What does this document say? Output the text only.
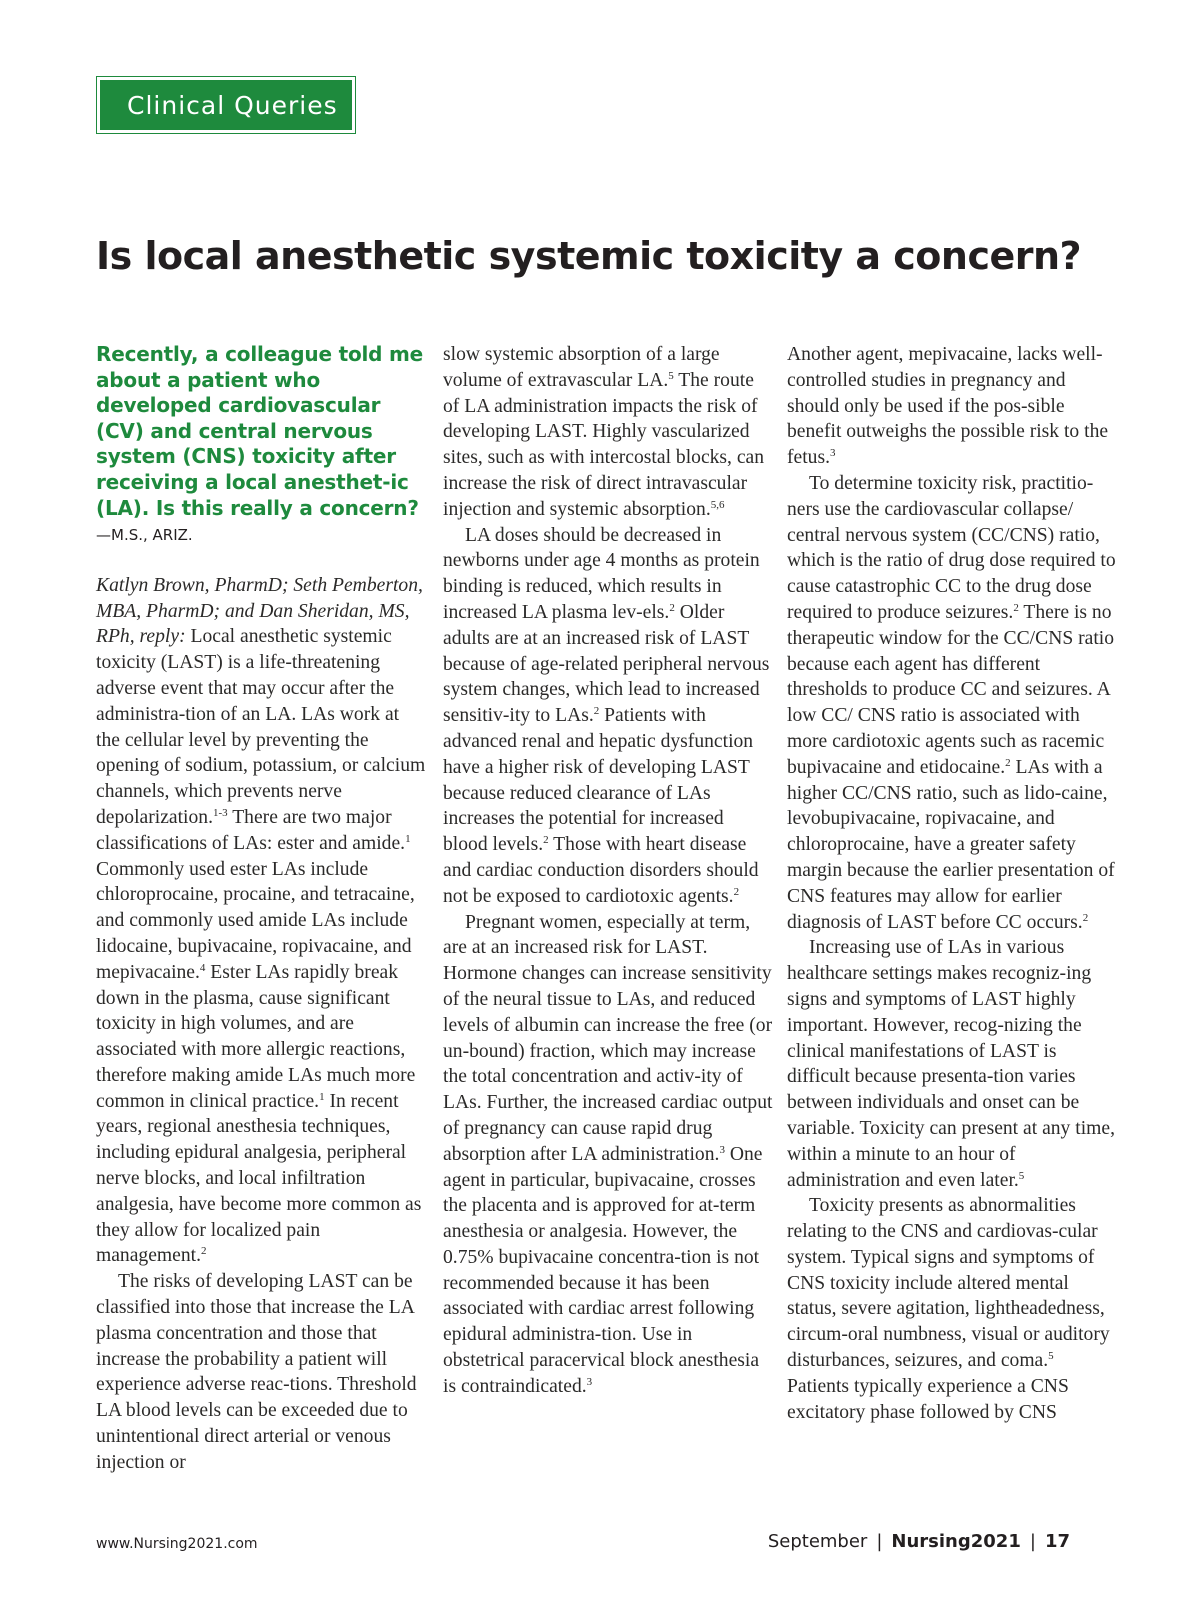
Clinical Queries
Is local anesthetic systemic toxicity a concern?
Recently, a colleague told me about a patient who developed cardiovascular (CV) and central nervous system (CNS) toxicity after receiving a local anesthet-ic (LA). Is this really a concern?—M.S., ARIZ.

Katlyn Brown, PharmD; Seth Pemberton, MBA, PharmD; and Dan Sheridan, MS, RPh, reply: Local anesthetic systemic toxicity (LAST) is a life-threatening adverse event that may occur after the administra-tion of an LA. LAs work at the cellular level by preventing the opening of sodium, potassium, or calcium channels, which prevents nerve depolarization.$^{1-3}$ There are two major classifications of LAs: ester and amide.$^1$ Commonly used ester LAs include chloroprocaine, procaine, and tetracaine, and commonly used amide LAs include lidocaine, bupivacaine, ropivacaine, and mepivacaine.$^4$ Ester LAs rapidly break down in the plasma, cause significant toxicity in high volumes, and are associated with more allergic reactions, therefore making amide LAs much more common in clinical practice.$^1$ In recent years, regional anesthesia techniques, including epidural analgesia, peripheral nerve blocks, and local infiltration analgesia, have become more common as they allow for localized pain management.$^2$

The risks of developing LAST can be classified into those that increase the LA plasma concentration and those that increase the probability a patient will experience adverse reac-tions. Threshold LA blood levels can be exceeded due to unintentional direct arterial or venous injection or

slow systemic absorption of a large volume of extravascular LA.$^5$ The route of LA administration impacts the risk of developing LAST. Highly vascularized sites, such as with intercostal blocks, can increase the risk of direct intravascular injection and systemic absorption.$^{5,6}$

LA doses should be decreased in newborns under age 4 months as protein binding is reduced, which results in increased LA plasma lev-els.$^2$ Older adults are at an increased risk of LAST because of age-related peripheral nervous system changes, which lead to increased sensitiv-ity to LAs.$^2$ Patients with advanced renal and hepatic dysfunction have a higher risk of developing LAST because reduced clearance of LAs increases the potential for increased blood levels.$^2$ Those with heart disease and cardiac conduction disorders should not be exposed to cardiotoxic agents.$^2$

Pregnant women, especially at term, are at an increased risk for LAST. Hormone changes can increase sensitivity of the neural tissue to LAs, and reduced levels of albumin can increase the free (or un-bound) fraction, which may increase the total concentration and activ-ity of LAs. Further, the increased cardiac output of pregnancy can cause rapid drug absorption after LA administration.$^3$ One agent in particular, bupivacaine, crosses the placenta and is approved for at-term anesthesia or analgesia. However, the 0.75% bupivacaine concentra-tion is not recommended because it has been associated with cardiac arrest following epidural administra-tion. Use in obstetrical paracervical block anesthesia is contraindicated.$^3$

Another agent, mepivacaine, lacks well-controlled studies in pregnancy and should only be used if the pos-sible benefit outweighs the possible risk to the fetus.$^3$

To determine toxicity risk, practitio-ners use the cardiovascular collapse/ central nervous system (CC/CNS) ratio, which is the ratio of drug dose required to cause catastrophic CC to the drug dose required to produce seizures.$^2$ There is no therapeutic window for the CC/CNS ratio because each agent has different thresholds to produce CC and seizures. A low CC/ CNS ratio is associated with more cardiotoxic agents such as racemic bupivacaine and etidocaine.$^2$ LAs with a higher CC/CNS ratio, such as lido-caine, levobupivacaine, ropivacaine, and chloroprocaine, have a greater safety margin because the earlier presentation of CNS features may allow for earlier diagnosis of LAST before CC occurs.$^2$

Increasing use of LAs in various healthcare settings makes recogniz-ing signs and symptoms of LAST highly important. However, recog-nizing the clinical manifestations of LAST is difficult because presenta-tion varies between individuals and onset can be variable. Toxicity can present at any time, within a minute to an hour of administration and even later.$^5$

Toxicity presents as abnormalities relating to the CNS and cardiovas-cular system. Typical signs and symptoms of CNS toxicity include altered mental status, severe agitation, lightheadedness, circum-oral numbness, visual or auditory disturbances, seizures, and coma.$^5$ Patients typically experience a CNS excitatory phase followed by CNS

www.Nursing2021.com	September | Nursing2021 | 17
